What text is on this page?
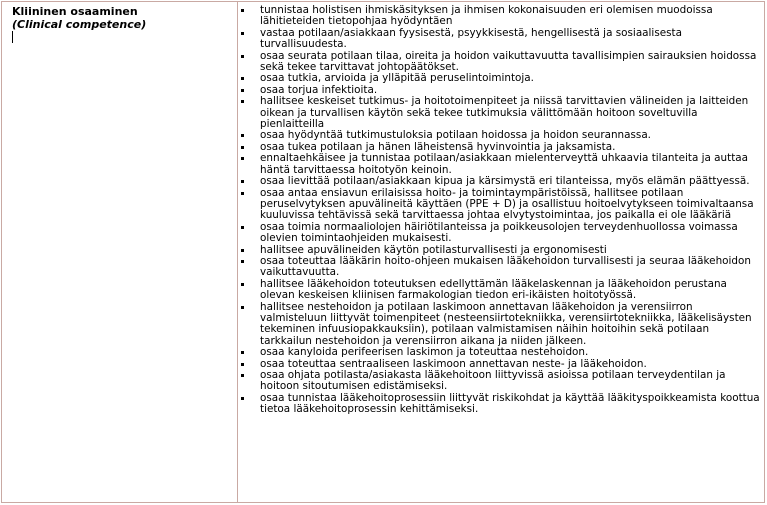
Kliininen osaaminen
(Clinical competence)
tunnistaa holistisen ihmiskäsityksen ja ihmisen kokonaisuuden eri olemisen muodoissa lähitieteiden tietopohjaa hyödyntäen
vastaa potilaan/asiakkaan fyysisestä, psyykkisestä, hengellisestä ja sosiaalisesta turvallisuudesta.
osaa seurata potilaan tilaa, oireita ja hoidon vaikuttavuutta tavallisimpien sairauksien hoidossa sekä tekee tarvittavat johtopäätökset.
osaa tutkia, arvioida ja ylläpitää peruselintoimintoja.
osaa torjua infektioita.
hallitsee keskeiset tutkimus- ja hoitotoimenpiteet ja niissä tarvittavien välineiden ja laitteiden oikean ja turvallisen käytön sekä tekee tutkimuksia välittömään hoitoon soveltuvilla pienlaitteilla
osaa hyödyntää tutkimustuloksia potilaan hoidossa ja hoidon seurannassa.
osaa tukea potilaan ja hänen läheistensä hyvinvointia ja jaksamista.
ennaltaehkäisee ja tunnistaa potilaan/asiakkaan mielenterveyttä uhkaavia tilanteita ja auttaa häntä tarvittaessa hoitotyön keinoin.
osaa lievittää potilaan/asiakkaan kipua ja kärsimystä eri tilanteissa, myös elämän päättyessä.
osaa antaa ensiavun erilaisissa hoito- ja toimintaympäristöissä, hallitsee potilaan peruselvytyksen apuvälineitä käyttäen (PPE + D) ja osallistuu hoitoelvytykseen toimivaltaansa kuuluvissa tehtävissä sekä tarvittaessa johtaa elvytystoimintaa, jos paikalla ei ole lääkäriä
osaa toimia normaaliolojen häiriötilanteissa ja poikkeusolojen terveydenhuollossa voimassa olevien toimintaohjeiden mukaisesti.
hallitsee apuvälineiden käytön potilasturvallisesti ja ergonomisesti
osaa toteuttaa lääkärin hoito-ohjeen mukaisen lääkehoidon turvallisesti ja seuraa lääkehoidon vaikuttavuutta.
hallitsee lääkehoidon toteutuksen edellyttämän lääkelaskennan ja lääkehoidon perustana olevan keskeisen kliinisen farmakologian tiedon eri-ikäisten hoitotyössä.
hallitsee nestehoidon ja potilaan laskimoon annettavan lääkehoidon ja verensiirron valmisteluun liittyvät toimenpiteet (nesteensiirtotekniikka, verensiirtotekniikka, lääkelisäysten tekeminen infuusiopakkauksiin), potilaan valmistamisen näihin hoitoihin sekä potilaan tarkkailun nestehoidon ja verensiirron aikana ja niiden jälkeen.
osaa kanyloida perifeerisen laskimon ja toteuttaa nestehoidon.
osaa toteuttaa sentraaliseen laskimoon annettavan neste- ja lääkehoidon.
osaa ohjata potilasta/asiakasta lääkehoitoon liittyvissä asioissa potilaan terveydentilan ja hoitoon sitoutumisen edistämiseksi.
osaa tunnistaa lääkehoitoprosessiin liittyvät riskikohdat ja käyttää lääkityspoikkeamista koottua tietoa lääkehoitoprosessin kehittämiseksi.
